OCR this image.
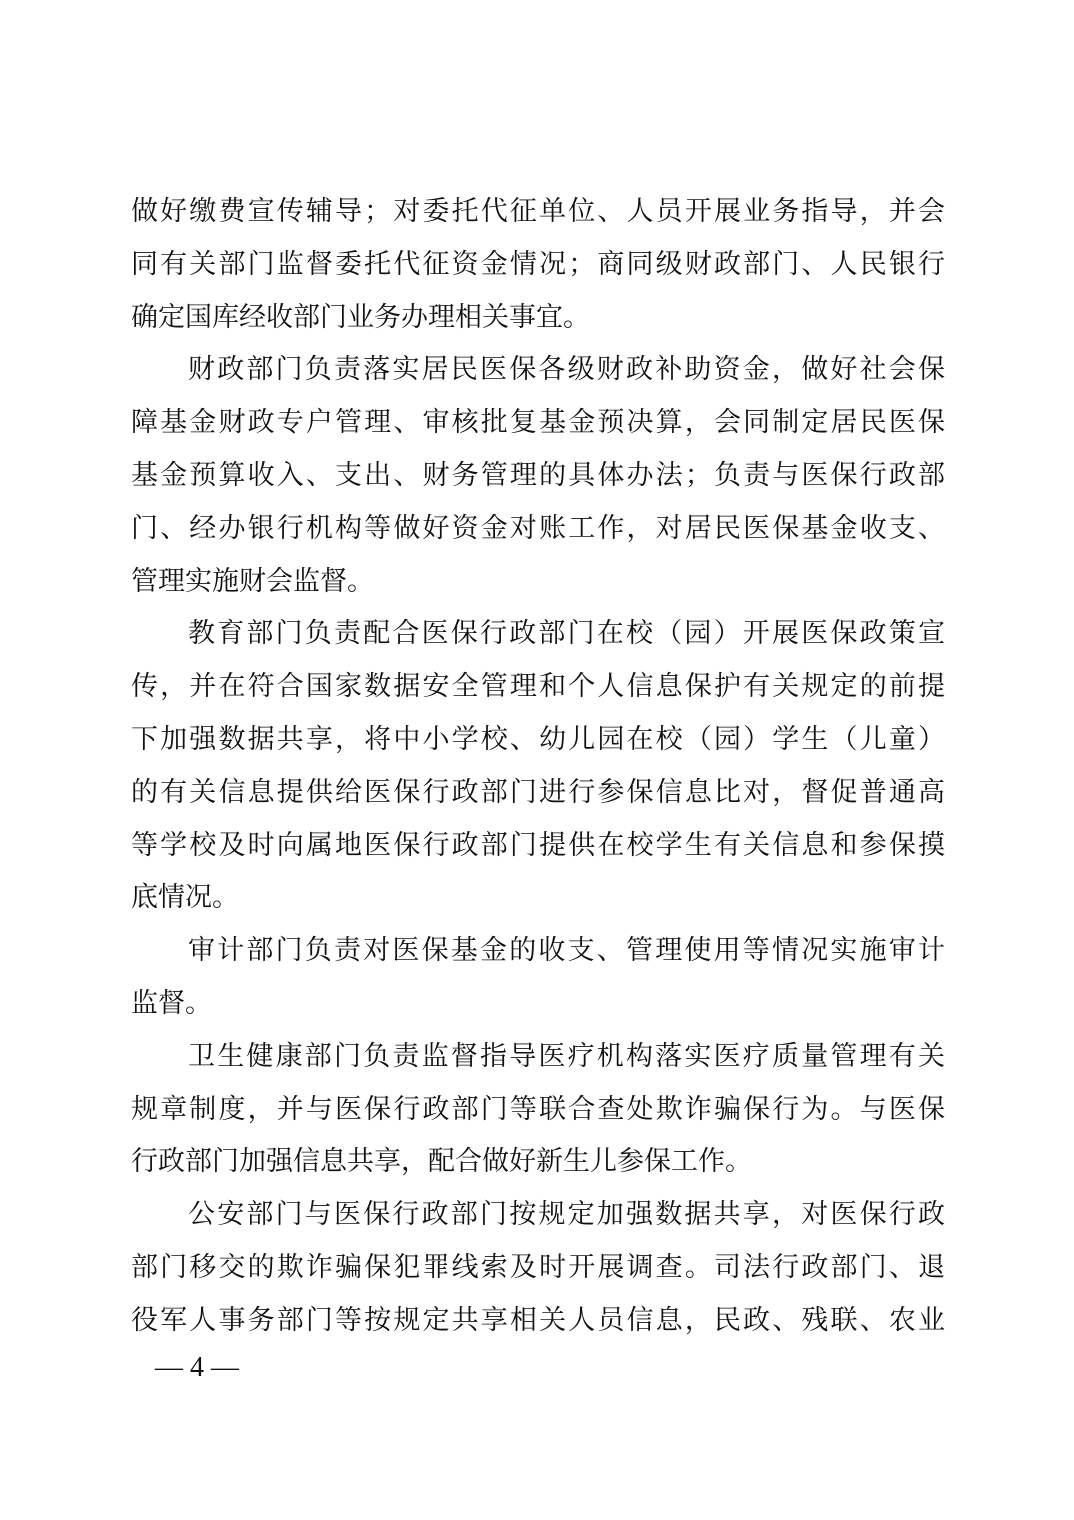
做好缴费宣传辅导；对委托代征单位、人员开展业务指导，并会
同有关部门监督委托代征资金情况；商同级财政部门、人民银行
确定国库经收部门业务办理相关事宜。
财政部门负责落实居民医保各级财政补助资金，做好社会保
障基金财政专户管理、审核批复基金预决算，会同制定居民医保
基金预算收入、支出、财务管理的具体办法；负责与医保行政部
门、经办银行机构等做好资金对账工作，对居民医保基金收支、
管理实施财会监督。
教育部门负责配合医保行政部门在校（园）开展医保政策宣
传，并在符合国家数据安全管理和个人信息保护有关规定的前提
下加强数据共享，将中小学校、幼儿园在校（园）学生（儿童）
的有关信息提供给医保行政部门进行参保信息比对，督促普通高
等学校及时向属地医保行政部门提供在校学生有关信息和参保摸
底情况。
审计部门负责对医保基金的收支、管理使用等情况实施审计
监督。
卫生健康部门负责监督指导医疗机构落实医疗质量管理有关
规章制度，并与医保行政部门等联合查处欺诈骗保行为。与医保
行政部门加强信息共享，配合做好新生儿参保工作。
公安部门与医保行政部门按规定加强数据共享，对医保行政
部门移交的欺诈骗保犯罪线索及时开展调查。司法行政部门、退
役军人事务部门等按规定共享相关人员信息，民政、残联、农业
— 4 —
